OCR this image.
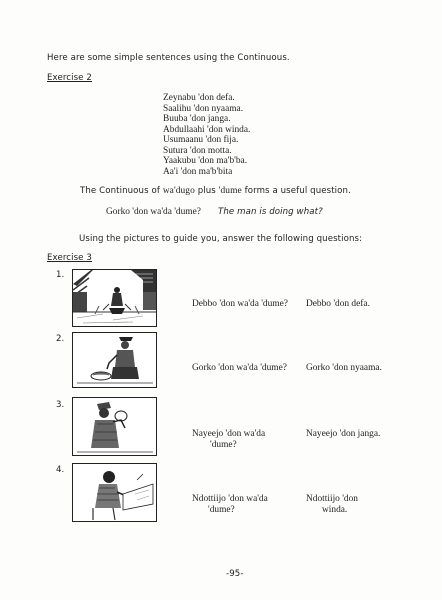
Here are some simple sentences using the Continuous.
Exercise 2
Zeynabu 'don defa.
Saalihu 'don nyaama.
Buuba 'don janga.
Abdullaahi 'don winda.
Usumaanu 'don fija.
Sutura 'don motta.
Yaakubu 'don ma'b'ba.
Aa'i 'don ma'b'bita
The Continuous of wa'dugo plus 'dume forms a useful question.
Gorko 'don wa'da 'dume? The man is doing what?
Using the pictures to guide you, answer the following questions:
Exercise 3
1.
Debbo 'don wa'da 'dume? Debbo 'don defa.
2.
Gorko 'don wa'da 'dume? Gorko 'don nyaama.
3.
Nayeejo 'don wa'da
'dume?
Nayeejo 'don janga.
4.
Ndottiijo 'don wa'da
'dume?
Ndottiijo 'don
winda.
-95-
